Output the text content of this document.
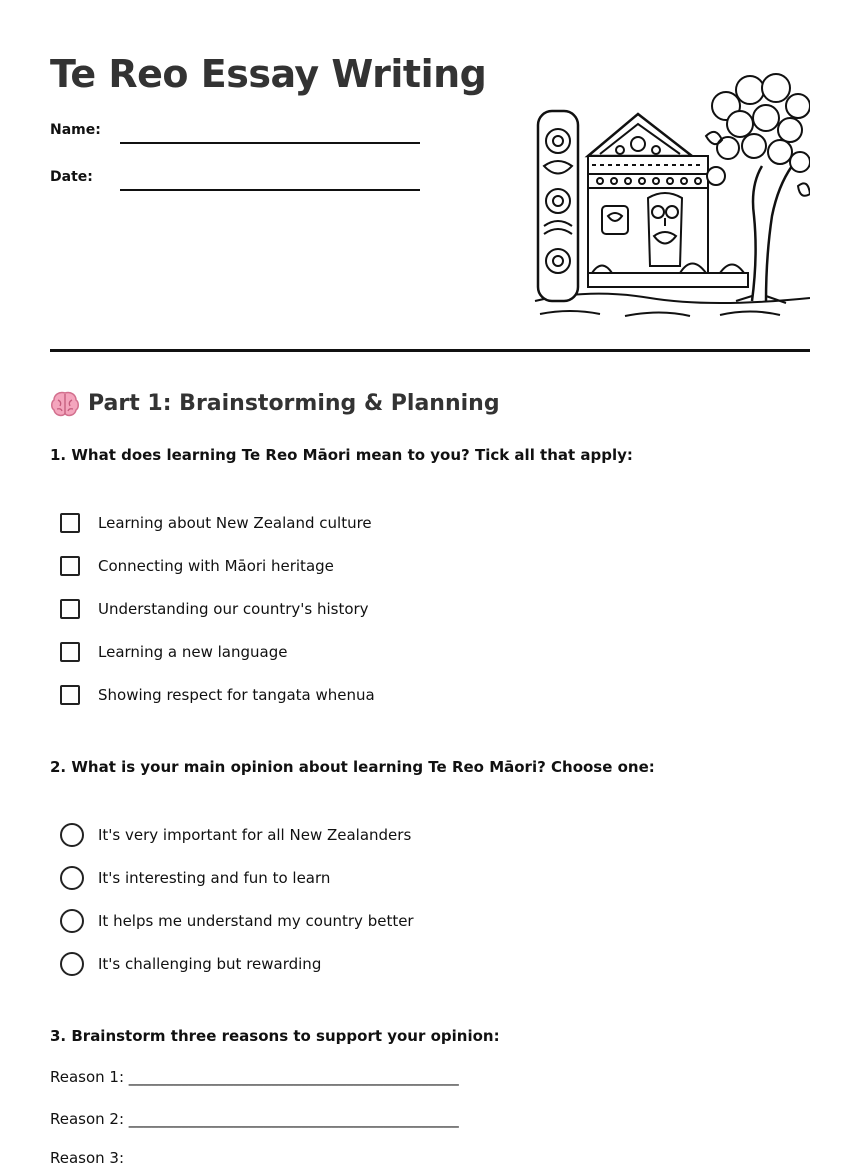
Te Reo Essay Writing
Name:
Date:
Part 1: Brainstorming & Planning

1. What does learning Te Reo Māori mean to you? Tick all that apply:

Learning about New Zealand culture
Connecting with Māori heritage
Understanding our country's history
Learning a new language
Showing respect for tangata whenua

2. What is your main opinion about learning Te Reo Māori? Choose one:

It's very important for all New Zealanders
It's interesting and fun to learn
It helps me understand my country better
It's challenging but rewarding

3. Brainstorm three reasons to support your opinion:

Reason 1: ____________________________________________
Reason 2: ____________________________________________
Reason 3:
